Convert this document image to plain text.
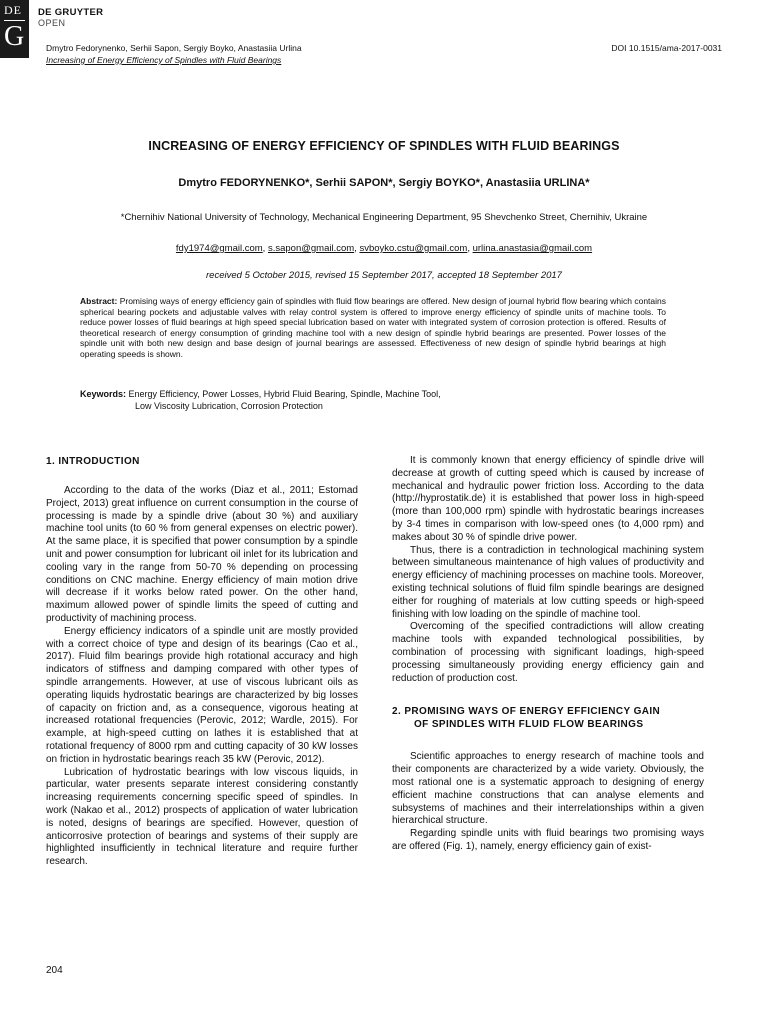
DE
G
DE GRUYTER
OPEN
Dmytro Fedorynenko, Serhii Sapon, Sergiy Boyko, Anastasiia Urlina
Increasing of Energy Efficiency of Spindles with Fluid Bearings
DOI 10.1515/ama-2017-0031
INCREASING OF ENERGY EFFICIENCY OF SPINDLES WITH FLUID BEARINGS
Dmytro FEDORYNENKO*, Serhii SAPON*, Sergiy BOYKO*, Anastasiia URLINA*
*Chernihiv National University of Technology, Mechanical Engineering Department, 95 Shevchenko Street, Chernihiv, Ukraine
fdy1974@gmail.com, s.sapon@gmail.com, svboyko.cstu@gmail.com, urlina.anastasia@gmail.com
received 5 October 2015, revised 15 September 2017, accepted 18 September 2017
Abstract: Promising ways of energy efficiency gain of spindles with fluid flow bearings are offered. New design of journal hybrid flow bearing which contains spherical bearing pockets and adjustable valves with relay control system is offered to improve energy efficiency of spindle units of machine tools. To reduce power losses of fluid bearings at high speed special lubrication based on water with integrated system of corrosion protection is offered. Results of theoretical research of energy consumption of grinding machine tool with a new design of spindle hybrid bearings are presented. Power losses of the spindle unit with both new design and base design of journal bearings are assessed. Effectiveness of new design of spindle hybrid bearings at high operating speeds is shown.
Keywords: Energy Efficiency, Power Losses, Hybrid Fluid Bearing, Spindle, Machine Tool,
Low Viscosity Lubrication, Corrosion Protection
1. INTRODUCTION

According to the data of the works (Diaz et al., 2011; Estomad Project, 2013) great influence on current consumption in the course of processing is made by a spindle drive (about 30 %) and auxiliary machine tool units (to 60 % from general expenses on electric power). At the same place, it is specified that power consumption by a spindle unit and power consumption for lubricant oil inlet for its lubrication and cooling vary in the range from 50-70 % depending on processing conditions on CNC machine. Energy efficiency of main motion drive will decrease if it works below rated power. On the other hand, maximum allowed power of spindle limits the speed of cutting and productivity of machining process.

Energy efficiency indicators of a spindle unit are mostly provided with a correct choice of type and design of its bearings (Cao et al., 2017). Fluid film bearings provide high rotational accuracy and high indicators of stiffness and damping compared with other types of spindle arrangements. However, at use of viscous lubricant oils as operating liquids hydrostatic bearings are characterized by big losses of capacity on friction and, as a consequence, vigorous heating at increased rotational frequencies (Perovic, 2012; Wardle, 2015). For example, at high-speed cutting on lathes it is established that at rotational frequency of 8000 rpm and cutting capacity of 30 kW losses on friction in hydrostatic bearings reach 35 kW (Perovic, 2012).

Lubrication of hydrostatic bearings with low viscous liquids, in particular, water presents separate interest considering constantly increasing requirements concerning specific speed of spindles. In work (Nakao et al., 2012) prospects of application of water lubrication is noted, designs of bearings are specified. However, question of anticorrosive protection of bearings and systems of their supply are highlighted insufficiently in technical literature and require further research.

It is commonly known that energy efficiency of spindle drive will decrease at growth of cutting speed which is caused by increase of mechanical and hydraulic power friction loss. According to the data (http://hyprostatik.de) it is established that power loss in high-speed (more than 100,000 rpm) spindle with hydrostatic bearings increases by 3-4 times in comparison with low-speed ones (to 4,000 rpm) and makes about 30 % of spindle drive power.

Thus, there is a contradiction in technological machining system between simultaneous maintenance of high values of productivity and energy efficiency of machining processes on machine tools. Moreover, existing technical solutions of fluid film spindle bearings are designed either for roughing of materials at low cutting speeds or high-speed finishing with low loading on the spindle of machine tool.

Overcoming of the specified contradictions will allow creating machine tools with expanded technological possibilities, by combination of processing with significant loadings, high-speed processing simultaneously providing energy efficiency gain and reduction of production cost.

2. PROMISING WAYS OF ENERGY EFFICIENCY GAIN
OF SPINDLES WITH FLUID FLOW BEARINGS

Scientific approaches to energy research of machine tools and their components are characterized by a wide variety. Obviously, the most rational one is a systematic approach to designing of energy efficient machine constructions that can analyse elements and subsystems of machines and their interrelationships within a given hierarchical structure.

Regarding spindle units with fluid bearings two promising ways are offered (Fig. 1), namely, energy efficiency gain of exist-

204
